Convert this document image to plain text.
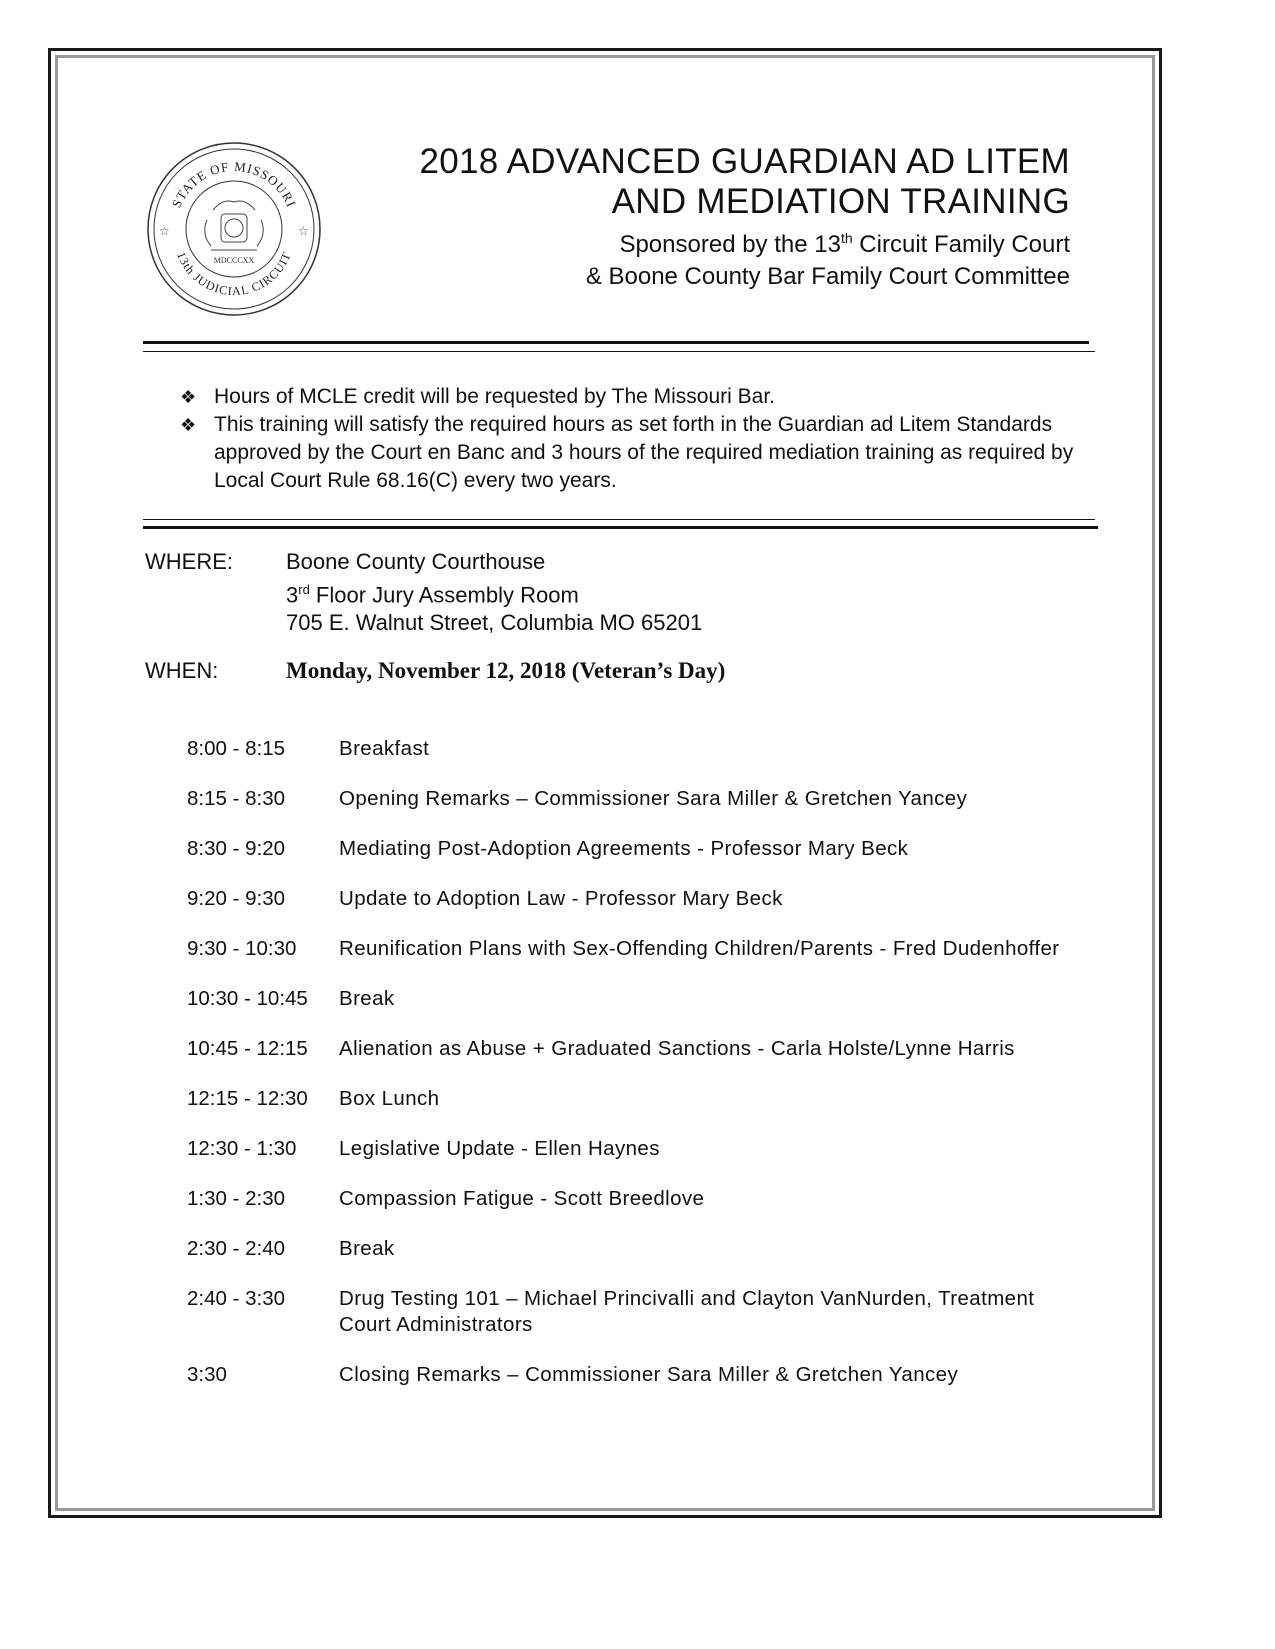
STATE OF MISSOURI
13th JUDICIAL CIRCUIT
☆	☆
MDCCCXX
2018 ADVANCED GUARDIAN AD LITEM
AND MEDIATION TRAINING
Sponsored by the 13th Circuit Family Court
& Boone County Bar Family Court Committee
❖ Hours of MCLE credit will be requested by The Missouri Bar.
❖ This training will satisfy the required hours as set forth in the Guardian ad Litem Standards approved by the Court en Banc and 3 hours of the required mediation training as required by Local Court Rule 68.16(C) every two years.
WHERE: Boone County Courthouse
3rd Floor Jury Assembly Room
705 E. Walnut Street, Columbia MO 65201
WHEN:	Monday, November 12, 2018 (Veteran’s Day)
8:00 - 8:15	Breakfast
8:15 - 8:30	Opening Remarks – Commissioner Sara Miller & Gretchen Yancey
8:30 - 9:20	Mediating Post-Adoption Agreements - Professor Mary Beck
9:20 - 9:30	Update to Adoption Law - Professor Mary Beck
9:30 - 10:30	Reunification Plans with Sex-Offending Children/Parents - Fred Dudenhoffer
10:30 - 10:45	Break
10:45 - 12:15	Alienation as Abuse + Graduated Sanctions - Carla Holste/Lynne Harris
12:15 - 12:30	Box Lunch
12:30 - 1:30	Legislative Update - Ellen Haynes
1:30 - 2:30	Compassion Fatigue - Scott Breedlove
2:30 - 2:40	Break
2:40 - 3:30	Drug Testing 101 – Michael Princivalli and Clayton VanNurden, Treatment Court Administrators
3:30	Closing Remarks – Commissioner Sara Miller & Gretchen Yancey
